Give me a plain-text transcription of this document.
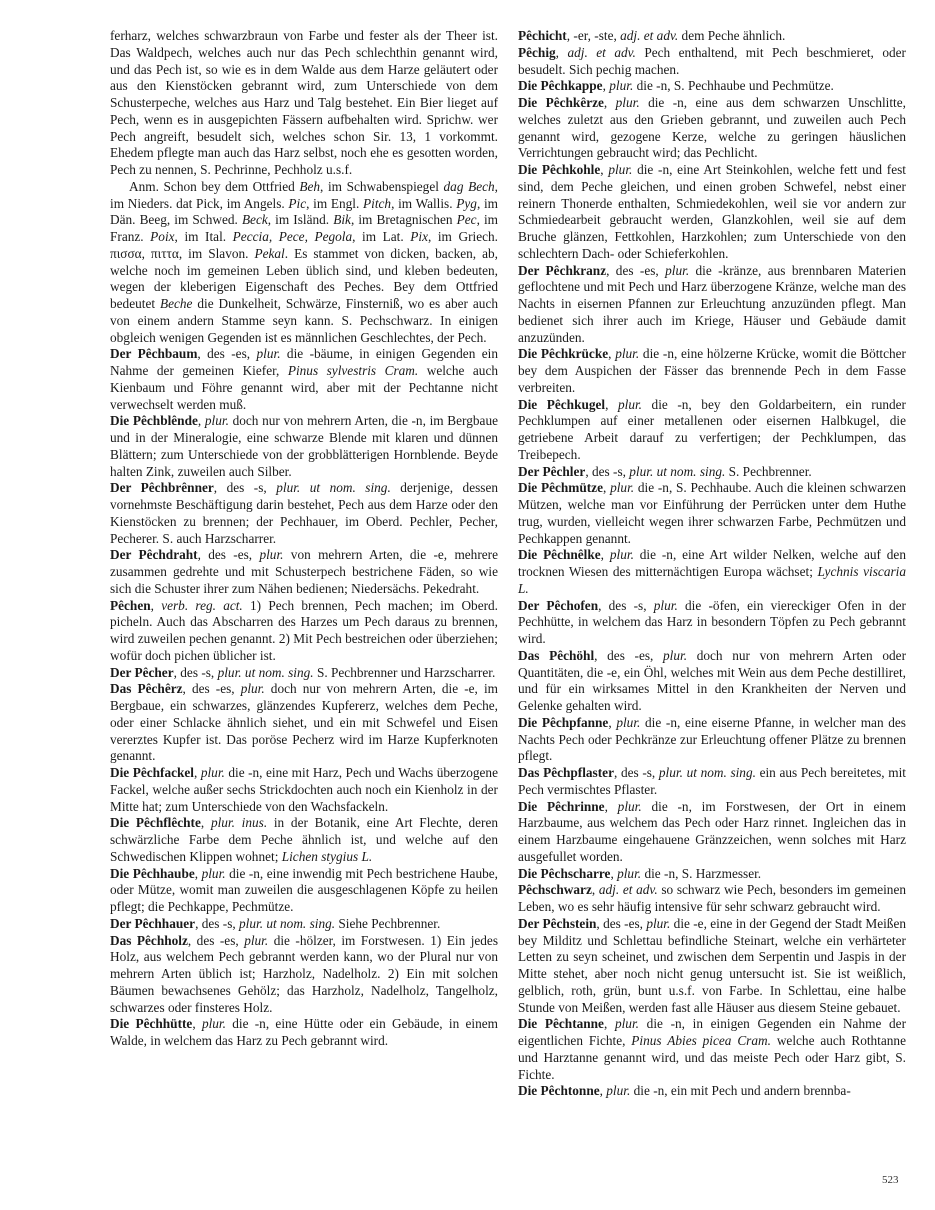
ferharz, welches schwarzbraun von Farbe und fester als der Theer ist. Das Waldpech, welches auch nur das Pech schlechthin genannt wird, und das Pech ist, so wie es in dem Walde aus dem Harze geläutert oder aus den Kienstöcken gebrannt wird, zum Unterschiede von dem Schusterpeche, welches aus Harz und Talg bestehet. Ein Bier lieget auf Pech, wenn es in ausgepichten Fässern aufbehalten wird. Sprichw. wer Pech angreift, besudelt sich, welches schon Sir. 13, 1 vorkommt. Ehedem pflegte man auch das Harz selbst, noch ehe es gesotten worden, Pech zu nennen, S. Pechrinne, Pechholz u.s.f.

Anm. Schon bey dem Ottfried Beh, im Schwabenspiegel dag Bech, im Nieders. dat Pick, im Angels. Pic, im Engl. Pitch, im Wallis. Pyg, im Dän. Beeg, im Schwed. Beck, im Isländ. Bik, im Bretagnischen Pec, im Franz. Poix, im Ital. Peccia, Pece, Pegola, im Lat. Pix, im Griech. πισσα, πιττα, im Slavon. Pekal. Es stammet von dicken, backen, ab, welche noch im gemeinen Leben üblich sind, und kleben bedeuten, wegen der kleberigen Eigenschaft des Peches. Bey dem Ottfried bedeutet Beche die Dunkelheit, Schwärze, Finsterniß, wo es aber auch von einem andern Stamme seyn kann. S. Pechschwarz. In einigen obgleich wenigen Gegenden ist es männlichen Geschlechtes, der Pech.

Der Pêchbaum, des -es, plur. die -bäume, in einigen Gegenden ein Nahme der gemeinen Kiefer, Pinus sylvestris Cram. welche auch Kienbaum und Föhre genannt wird, aber mit der Pechtanne nicht verwechselt werden muß.

Die Pêchblênde, plur. doch nur von mehrern Arten, die -n, im Bergbaue und in der Mineralogie, eine schwarze Blende mit klaren und dünnen Blättern; zum Unterschiede von der grobblätterigen Hornblende. Beyde halten Zink, zuweilen auch Silber.

Der Pêchbrênner, des -s, plur. ut nom. sing. derjenige, dessen vornehmste Beschäftigung darin bestehet, Pech aus dem Harze oder den Kienstöcken zu brennen; der Pechhauer, im Oberd. Pechler, Pecher, Pecherer. S. auch Harzscharrer.

Der Pêchdraht, des -es, plur. von mehrern Arten, die -e, mehrere zusammen gedrehte und mit Schusterpech bestrichene Fäden, so wie sich die Schuster ihrer zum Nähen bedienen; Niedersächs. Pekedraht.

Pêchen, verb. reg. act. 1) Pech brennen, Pech machen; im Oberd. picheln. Auch das Abscharren des Harzes um Pech daraus zu brennen, wird zuweilen pechen genannt. 2) Mit Pech bestreichen oder überziehen; wofür doch pichen üblicher ist.

Der Pêcher, des -s, plur. ut nom. sing. S. Pechbrenner und Harzscharrer.

Das Pêchêrz, des -es, plur. doch nur von mehrern Arten, die -e, im Bergbaue, ein schwarzes, glänzendes Kupfererz, welches dem Peche, oder einer Schlacke ähnlich siehet, und ein mit Schwefel und Eisen vererztes Kupfer ist. Das poröse Pecherz wird im Harze Kupferknoten genannt.

Die Pêchfackel, plur. die -n, eine mit Harz, Pech und Wachs überzogene Fackel, welche außer sechs Strickdochten auch noch ein Kienholz in der Mitte hat; zum Unterschiede von den Wachsfackeln.

Die Pêchflêchte, plur. inus. in der Botanik, eine Art Flechte, deren schwärzliche Farbe dem Peche ähnlich ist, und welche auf den Schwedischen Klippen wohnet; Lichen stygius L.

Die Pêchhaube, plur. die -n, eine inwendig mit Pech bestrichene Haube, oder Mütze, womit man zuweilen die ausgeschlagenen Köpfe zu heilen pflegt; die Pechkappe, Pechmütze.

Der Pêchhauer, des -s, plur. ut nom. sing. Siehe Pechbrenner.

Das Pêchholz, des -es, plur. die -hölzer, im Forstwesen. 1) Ein jedes Holz, aus welchem Pech gebrannt werden kann, wo der Plural nur von mehrern Arten üblich ist; Harzholz, Nadelholz. 2) Ein mit solchen Bäumen bewachsenes Gehölz; das Harzholz, Nadelholz, Tangelholz, schwarzes oder finsteres Holz.

Die Pêchhütte, plur. die -n, eine Hütte oder ein Gebäude, in einem Walde, in welchem das Harz zu Pech gebrannt wird.

Pêchicht, -er, -ste, adj. et adv. dem Peche ähnlich.

Pêchig, adj. et adv. Pech enthaltend, mit Pech beschmieret, oder besudelt. Sich pechig machen.

Die Pêchkappe, plur. die -n, S. Pechhaube und Pechmütze.

Die Pêchkêrze, plur. die -n, eine aus dem schwarzen Unschlitte, welches zuletzt aus den Grieben gebrannt, und zuweilen auch Pech genannt wird, gezogene Kerze, welche zu geringen häuslichen Verrichtungen gebraucht wird; das Pechlicht.

Die Pêchkohle, plur. die -n, eine Art Steinkohlen, welche fett und fest sind, dem Peche gleichen, und einen groben Schwefel, nebst einer reinern Thonerde enthalten, Schmiedekohlen, weil sie vor andern zur Schmiedearbeit gebraucht werden, Glanzkohlen, weil sie auf dem Bruche glänzen, Fettkohlen, Harzkohlen; zum Unterschiede von den schlechtern Dach- oder Schieferkohlen.

Der Pêchkranz, des -es, plur. die -kränze, aus brennbaren Materien geflochtene und mit Pech und Harz überzogene Kränze, welche man des Nachts in eisernen Pfannen zur Erleuchtung anzuzünden pflegt. Man bedienet sich ihrer auch im Kriege, Häuser und Gebäude damit anzuzünden.

Die Pêchkrücke, plur. die -n, eine hölzerne Krücke, womit die Böttcher bey dem Auspichen der Fässer das brennende Pech in dem Fasse verbreiten.

Die Pêchkugel, plur. die -n, bey den Goldarbeitern, ein runder Pechklumpen auf einer metallenen oder eisernen Halbkugel, die getriebene Arbeit darauf zu verfertigen; der Pechklumpen, das Treibepech.

Der Pêchler, des -s, plur. ut nom. sing. S. Pechbrenner.

Die Pêchmütze, plur. die -n, S. Pechhaube. Auch die kleinen schwarzen Mützen, welche man vor Einführung der Perrücken unter dem Huthe trug, wurden, vielleicht wegen ihrer schwarzen Farbe, Pechmützen und Pechkappen genannt.

Die Pêchnêlke, plur. die -n, eine Art wilder Nelken, welche auf den trocknen Wiesen des mitternächtigen Europa wächset; Lychnis viscaria L.

Der Pêchofen, des -s, plur. die -öfen, ein viereckiger Ofen in der Pechhütte, in welchem das Harz in besondern Töpfen zu Pech gebrannt wird.

Das Pêchöhl, des -es, plur. doch nur von mehrern Arten oder Quantitäten, die -e, ein Öhl, welches mit Wein aus dem Peche destilliret, und für ein wirksames Mittel in den Krankheiten der Nerven und Gelenke gehalten wird.

Die Pêchpfanne, plur. die -n, eine eiserne Pfanne, in welcher man des Nachts Pech oder Pechkränze zur Erleuchtung offener Plätze zu brennen pflegt.

Das Pêchpflaster, des -s, plur. ut nom. sing. ein aus Pech bereitetes, mit Pech vermischtes Pflaster.

Die Pêchrinne, plur. die -n, im Forstwesen, der Ort in einem Harzbaume, aus welchem das Pech oder Harz rinnet. Ingleichen das in einem Harzbaume eingehauene Gränzzeichen, wenn solches mit Harz ausgefullet worden.

Die Pêchscharre, plur. die -n, S. Harzmesser.

Pêchschwarz, adj. et adv. so schwarz wie Pech, besonders im gemeinen Leben, wo es sehr häufig intensive für sehr schwarz gebraucht wird.

Der Pêchstein, des -es, plur. die -e, eine in der Gegend der Stadt Meißen bey Milditz und Schlettau befindliche Steinart, welche ein verhärteter Letten zu seyn scheinet, und zwischen dem Serpentin und Jaspis in der Mitte stehet, aber noch nicht genug untersucht ist. Sie ist weißlich, gelblich, roth, grün, bunt u.s.f. von Farbe. In Schlettau, eine halbe Stunde von Meißen, werden fast alle Häuser aus diesem Steine gebauet.

Die Pêchtanne, plur. die -n, in einigen Gegenden ein Nahme der eigentlichen Fichte, Pinus Abies picea Cram. welche auch Rothtanne und Harztanne genannt wird, und das meiste Pech oder Harz gibt, S. Fichte.

Die Pêchtonne, plur. die -n, ein mit Pech und andern brennba-

523
